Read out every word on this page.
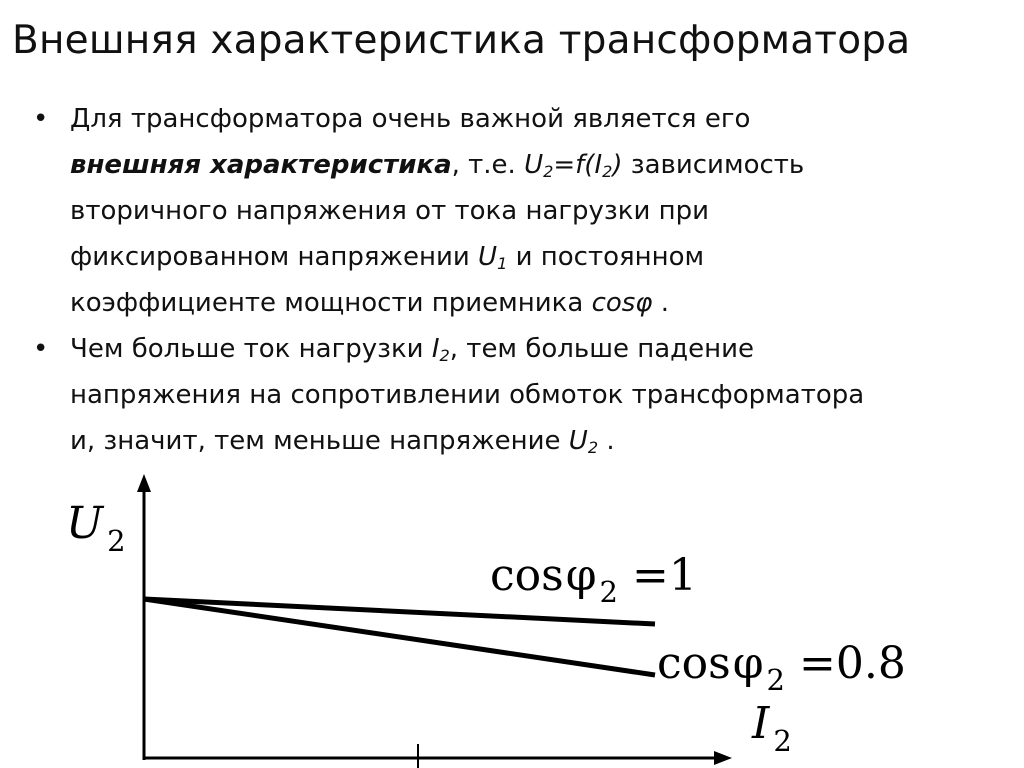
Внешняя характеристика трансформатора
• Для трансформатора очень важной является его
внешняя характеристика, т.е. $U_2=f(I_2)$ зависимость
вторичного напряжения от тока нагрузки при
фиксированном напряжении $U_1$ и постоянном
коэффициенте мощности приемника cosφ .
• Чем больше ток нагрузки $I_2$, тем больше падение
напряжения на сопротивлении обмоток трансформатора
и, значит, тем меньше напряжение $U_2$ .
U $_2$
I $_2$
cosφ $_2$ =1
cosφ $_2$ =0.8
